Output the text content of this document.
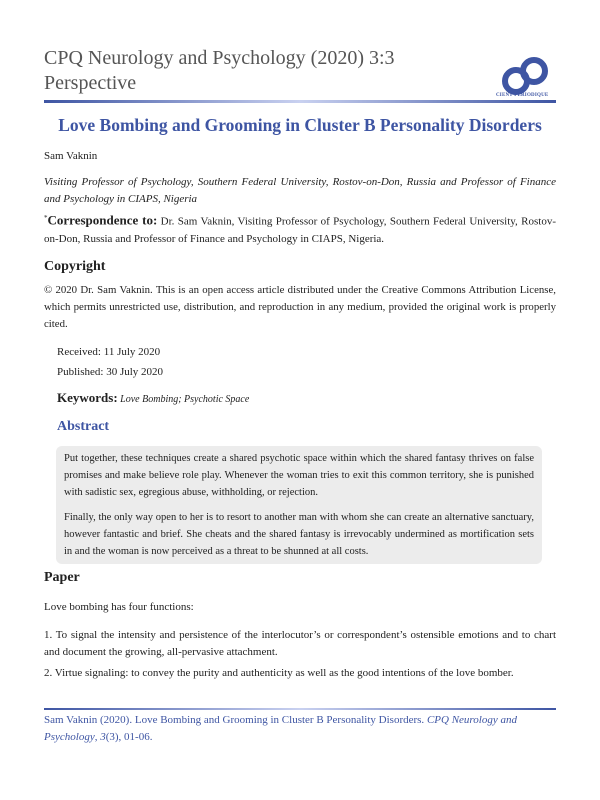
CPQ Neurology and Psychology (2020) 3:3
Perspective
CIENT PERIODIQUE
Love Bombing and Grooming in Cluster B Personality Disorders
Sam Vaknin
Visiting Professor of Psychology, Southern Federal University, Rostov-on-Don, Russia and Professor of Finance and Psychology in CIAPS, Nigeria
*Correspondence to: Dr. Sam Vaknin, Visiting Professor of Psychology, Southern Federal University, Rostov-on-Don, Russia and Professor of Finance and Psychology in CIAPS, Nigeria.
Copyright
© 2020 Dr. Sam Vaknin. This is an open access article distributed under the Creative Commons Attribution License, which permits unrestricted use, distribution, and reproduction in any medium, provided the original work is properly cited.
Received: 11 July 2020
Published: 30 July 2020
Keywords: Love Bombing; Psychotic Space
Abstract

Put together, these techniques create a shared psychotic space within which the shared fantasy thrives on false promises and make believe role play. Whenever the woman tries to exit this common territory, she is punished with sadistic sex, egregious abuse, withholding, or rejection.

Finally, the only way open to her is to resort to another man with whom she can create an alternative sanctuary, however fantastic and brief. She cheats and the shared fantasy is irrevocably undermined as mortification sets in and the woman is now perceived as a threat to be shunned at all costs.

Paper
Love bombing has four functions:
1. To signal the intensity and persistence of the interlocutor’s or correspondent’s ostensible emotions and to chart and document the growing, all-pervasive attachment.
2. Virtue signaling: to convey the purity and authenticity as well as the good intentions of the love bomber.
Sam Vaknin (2020). Love Bombing and Grooming in Cluster B Personality Disorders. CPQ Neurology and Psychology, 3(3), 01-06.
